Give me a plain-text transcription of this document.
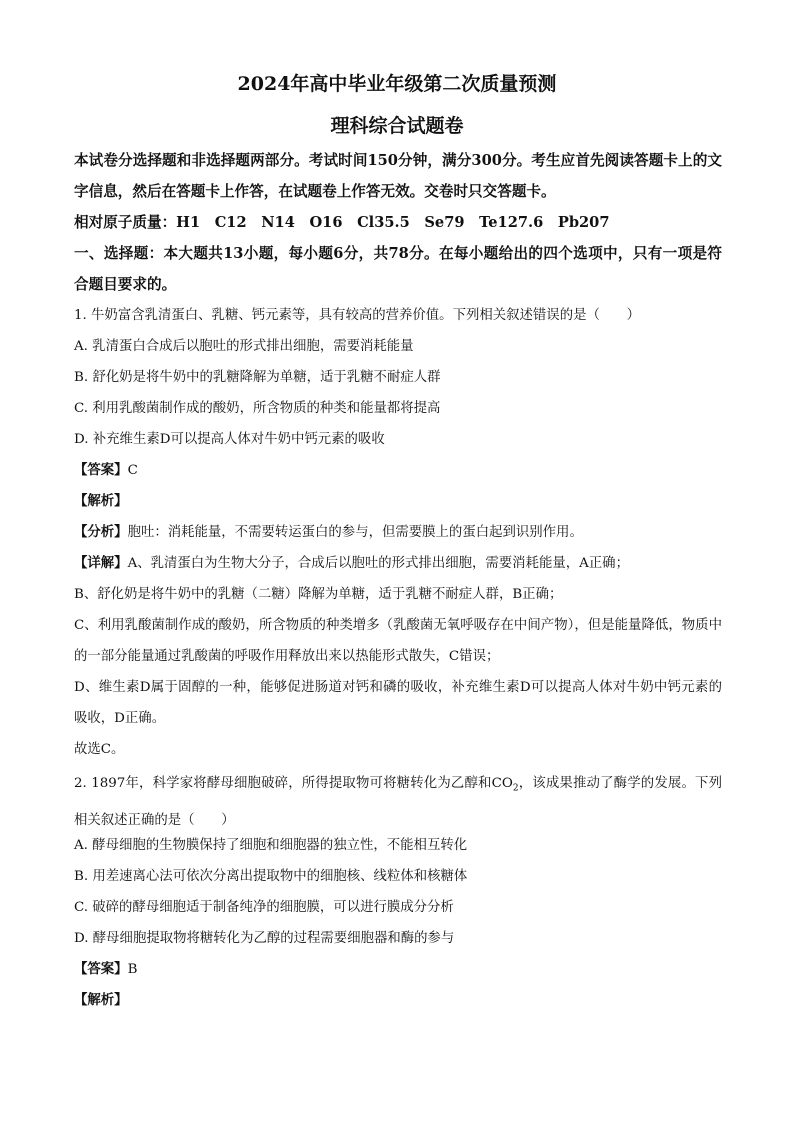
2024年高中毕业年级第二次质量预测
理科综合试题卷
本试卷分选择题和非选择题两部分。考试时间150分钟，满分300分。考生应首先阅读答题卡上的文字信息，然后在答题卡上作答，在试题卷上作答无效。交卷时只交答题卡。
相对原子质量：H1　C12　N14　O16　Cl35.5　Se79　Te127.6　Pb207
一、选择题：本大题共13小题，每小题6分，共78分。在每小题给出的四个选项中，只有一项是符合题目要求的。
1. 牛奶富含乳清蛋白、乳糖、钙元素等，具有较高的营养价值。下列相关叙述错误的是（　　）
A. 乳清蛋白合成后以胞吐的形式排出细胞，需要消耗能量
B. 舒化奶是将牛奶中的乳糖降解为单糖，适于乳糖不耐症人群
C. 利用乳酸菌制作成的酸奶，所含物质的种类和能量都将提高
D. 补充维生素D可以提高人体对牛奶中钙元素的吸收
【答案】C
【解析】
【分析】胞吐：消耗能量，不需要转运蛋白的参与，但需要膜上的蛋白起到识别作用。
【详解】A、乳清蛋白为生物大分子，合成后以胞吐的形式排出细胞，需要消耗能量，A正确；
B、舒化奶是将牛奶中的乳糖（二糖）降解为单糖，适于乳糖不耐症人群，B正确；
C、利用乳酸菌制作成的酸奶，所含物质的种类增多（乳酸菌无氧呼吸存在中间产物），但是能量降低，物质中的一部分能量通过乳酸菌的呼吸作用释放出来以热能形式散失，C错误；
D、维生素D属于固醇的一种，能够促进肠道对钙和磷的吸收，补充维生素D可以提高人体对牛奶中钙元素的吸收，D正确。
故选C。
2. 1897年，科学家将酵母细胞破碎，所得提取物可将糖转化为乙醇和$CO_2$，该成果推动了酶学的发展。下列相关叙述正确的是（　　）
A. 酵母细胞的生物膜保持了细胞和细胞器的独立性，不能相互转化
B. 用差速离心法可依次分离出提取物中的细胞核、线粒体和核糖体
C. 破碎的酵母细胞适于制备纯净的细胞膜，可以进行膜成分分析
D. 酵母细胞提取物将糖转化为乙醇的过程需要细胞器和酶的参与
【答案】B
【解析】
